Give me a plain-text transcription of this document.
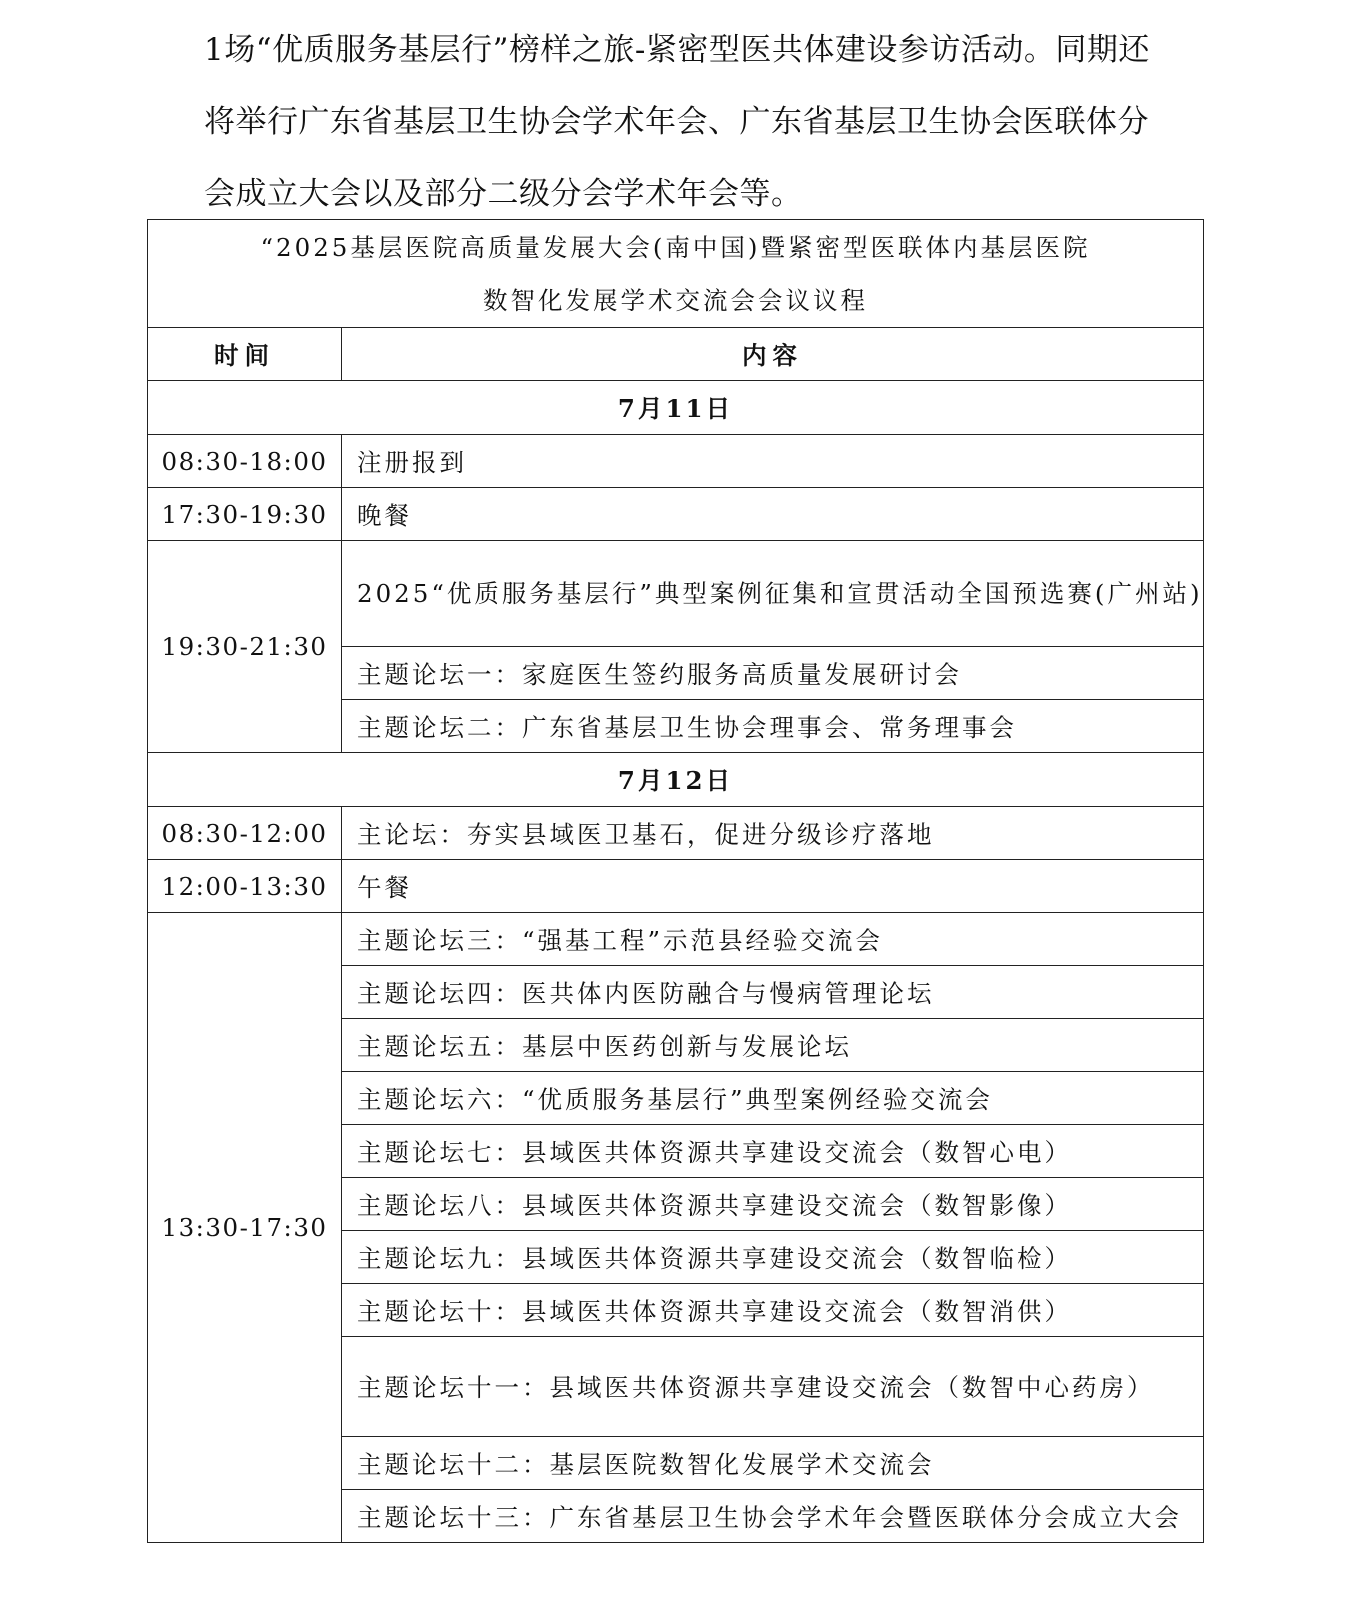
1场“优质服务基层行”榜样之旅-紧密型医共体建设参访活动。同期还

将举行广东省基层卫生协会学术年会、广东省基层卫生协会医联体分

会成立大会以及部分二级分会学术年会等。

“2025基层医院高质量发展大会(南中国)暨紧密型医联体内基层医院
数智化发展学术交流会会议议程	

时间	内容
7月11日	
08:30-18:00	注册报到
17:30-19:30	晚餐
19:30-21:30	2025“优质服务基层行”典型案例征集和宣贯活动全国预选赛(广州站)
	主题论坛一：家庭医生签约服务高质量发展研讨会
	主题论坛二：广东省基层卫生协会理事会、常务理事会
7月12日	
08:30-12:00	主论坛：夯实县域医卫基石，促进分级诊疗落地
12:00-13:30	午餐
13:30-17:30	主题论坛三：“强基工程”示范县经验交流会
	主题论坛四：医共体内医防融合与慢病管理论坛
	主题论坛五：基层中医药创新与发展论坛
	主题论坛六：“优质服务基层行”典型案例经验交流会
	主题论坛七：县域医共体资源共享建设交流会（数智心电）
	主题论坛八：县域医共体资源共享建设交流会（数智影像）
	主题论坛九：县域医共体资源共享建设交流会（数智临检）
	主题论坛十：县域医共体资源共享建设交流会（数智消供）
	主题论坛十一：县域医共体资源共享建设交流会（数智中心药房）
	主题论坛十二：基层医院数智化发展学术交流会
	主题论坛十三：广东省基层卫生协会学术年会暨医联体分会成立大会
